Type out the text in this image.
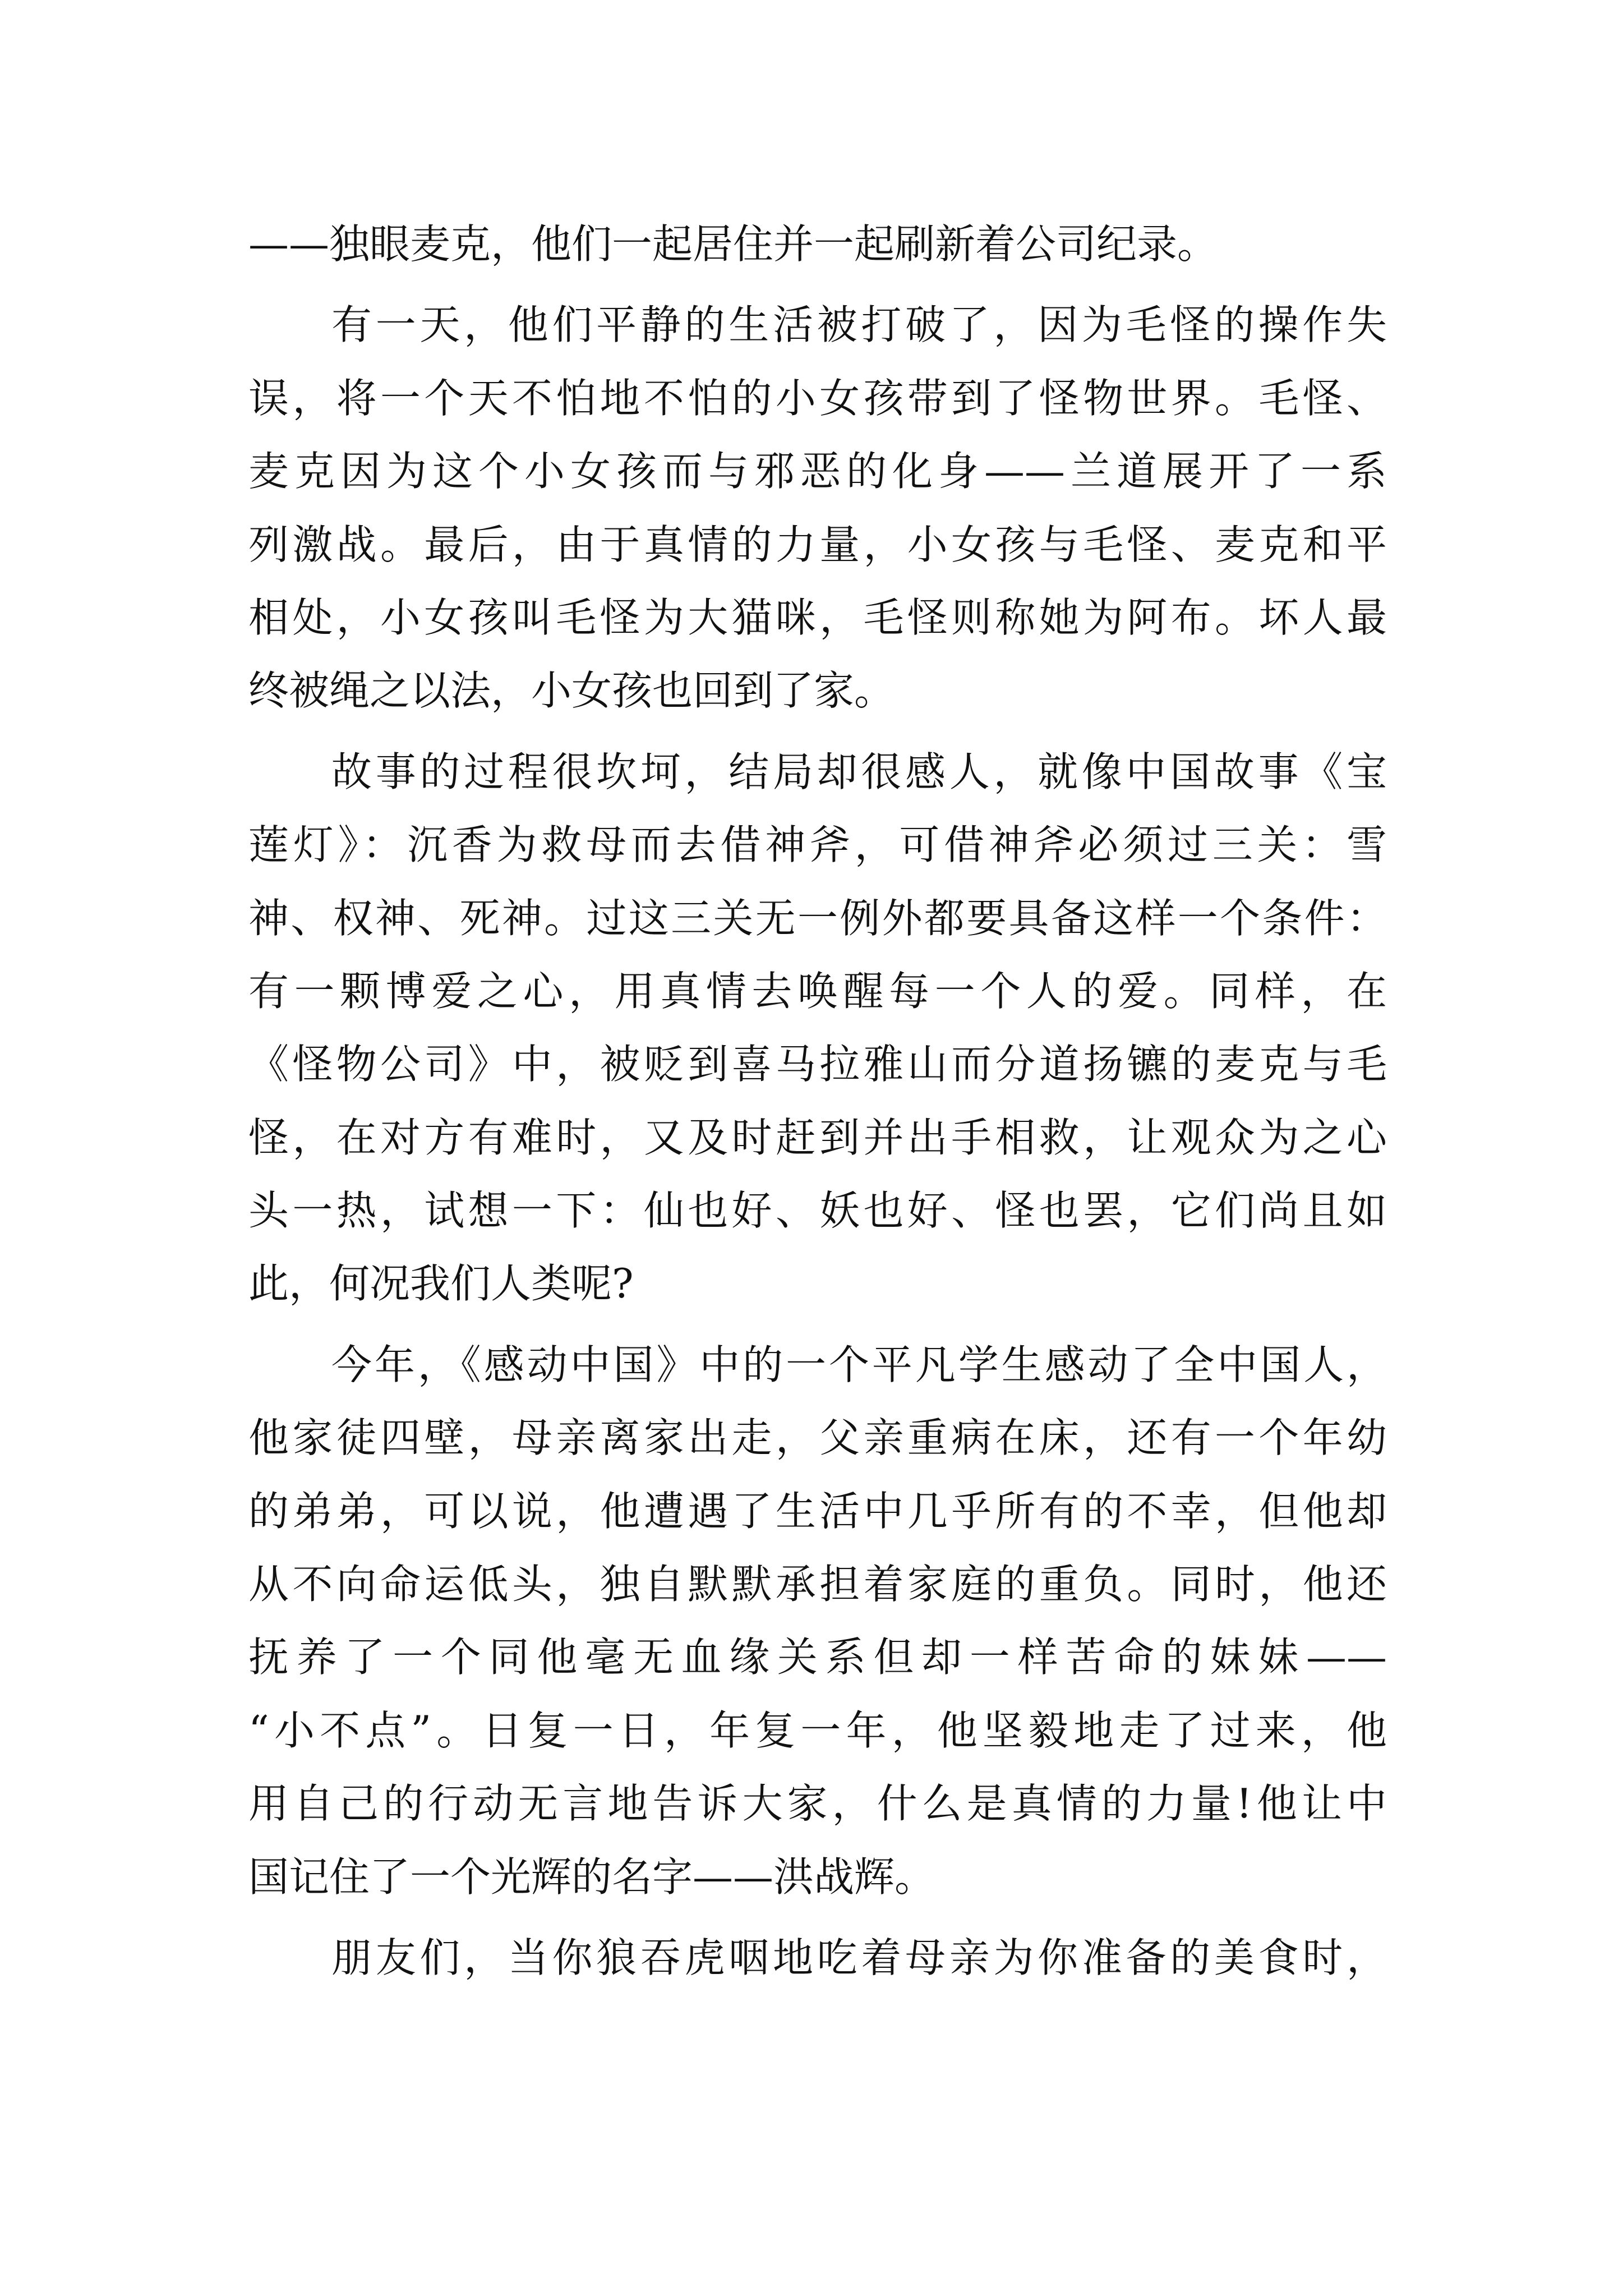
——独眼麦克，他们一起居住并一起刷新着公司纪录。
有一天，他们平静的生活被打破了，因为毛怪的操作失
误，将一个天不怕地不怕的小女孩带到了怪物世界。毛怪、
麦克因为这个小女孩而与邪恶的化身——兰道展开了一系
列激战。最后，由于真情的力量，小女孩与毛怪、麦克和平
相处，小女孩叫毛怪为大猫咪，毛怪则称她为阿布。坏人最
终被绳之以法，小女孩也回到了家。
故事的过程很坎坷，结局却很感人，就像中国故事《宝
莲灯》：沉香为救母而去借神斧，可借神斧必须过三关：雪
神、权神、死神。过这三关无一例外都要具备这样一个条件：
有一颗博爱之心，用真情去唤醒每一个人的爱。同样，在
《怪物公司》中，被贬到喜马拉雅山而分道扬镳的麦克与毛
怪，在对方有难时，又及时赶到并出手相救，让观众为之心
头一热，试想一下：仙也好、妖也好、怪也罢，它们尚且如
此，何况我们人类呢?
今年，《感动中国》中的一个平凡学生感动了全中国人，
他家徒四壁，母亲离家出走，父亲重病在床，还有一个年幼
的弟弟，可以说，他遭遇了生活中几乎所有的不幸，但他却
从不向命运低头，独自默默承担着家庭的重负。同时，他还
抚养了一个同他毫无血缘关系但却一样苦命的妹妹——
“小不点”。日复一日，年复一年，他坚毅地走了过来，他
用自己的行动无言地告诉大家，什么是真情的力量!他让中
国记住了一个光辉的名字——洪战辉。
朋友们，当你狼吞虎咽地吃着母亲为你准备的美食时，
